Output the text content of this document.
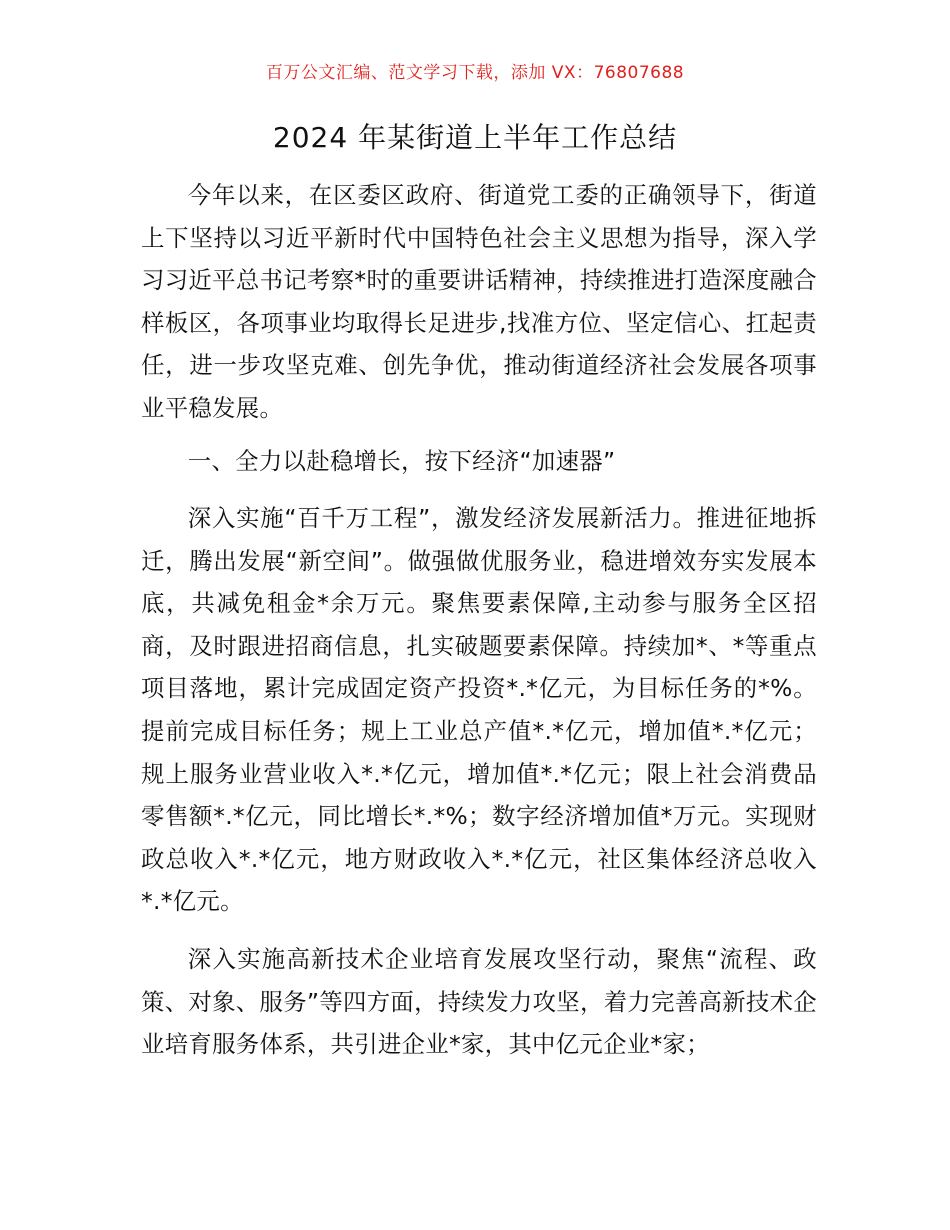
百万公文汇编、范文学习下载，添加 VX：76807688
2024 年某街道上半年工作总结

今年以来，在区委区政府、街道党工委的正确领导下，街道上下坚持以习近平新时代中国特色社会主义思想为指导，深入学习习近平总书记考察*时的重要讲话精神，持续推进打造深度融合样板区，各项事业均取得长足进步,找准方位、坚定信心、扛起责任，进一步攻坚克难、创先争优，推动街道经济社会发展各项事业平稳发展。

一、全力以赴稳增长，按下经济“加速器”

深入实施“百千万工程”，激发经济发展新活力。推进征地拆迁，腾出发展“新空间”。做强做优服务业，稳进增效夯实发展本底，共减免租金*余万元。聚焦要素保障,主动参与服务全区招商，及时跟进招商信息，扎实破题要素保障。持续加*、*等重点项目落地，累计完成固定资产投资*.*亿元，为目标任务的*%。提前完成目标任务；规上工业总产值*.*亿元，增加值*.*亿元；规上服务业营业收入*.*亿元，增加值*.*亿元；限上社会消费品零售额*.*亿元，同比增长*.*%；数字经济增加值*万元。实现财政总收入*.*亿元，地方财政收入*.*亿元，社区集体经济总收入*.*亿元。

深入实施高新技术企业培育发展攻坚行动，聚焦“流程、政策、对象、服务”等四方面，持续发力攻坚，着力完善高新技术企业培育服务体系，共引进企业*家，其中亿元企业*家；
